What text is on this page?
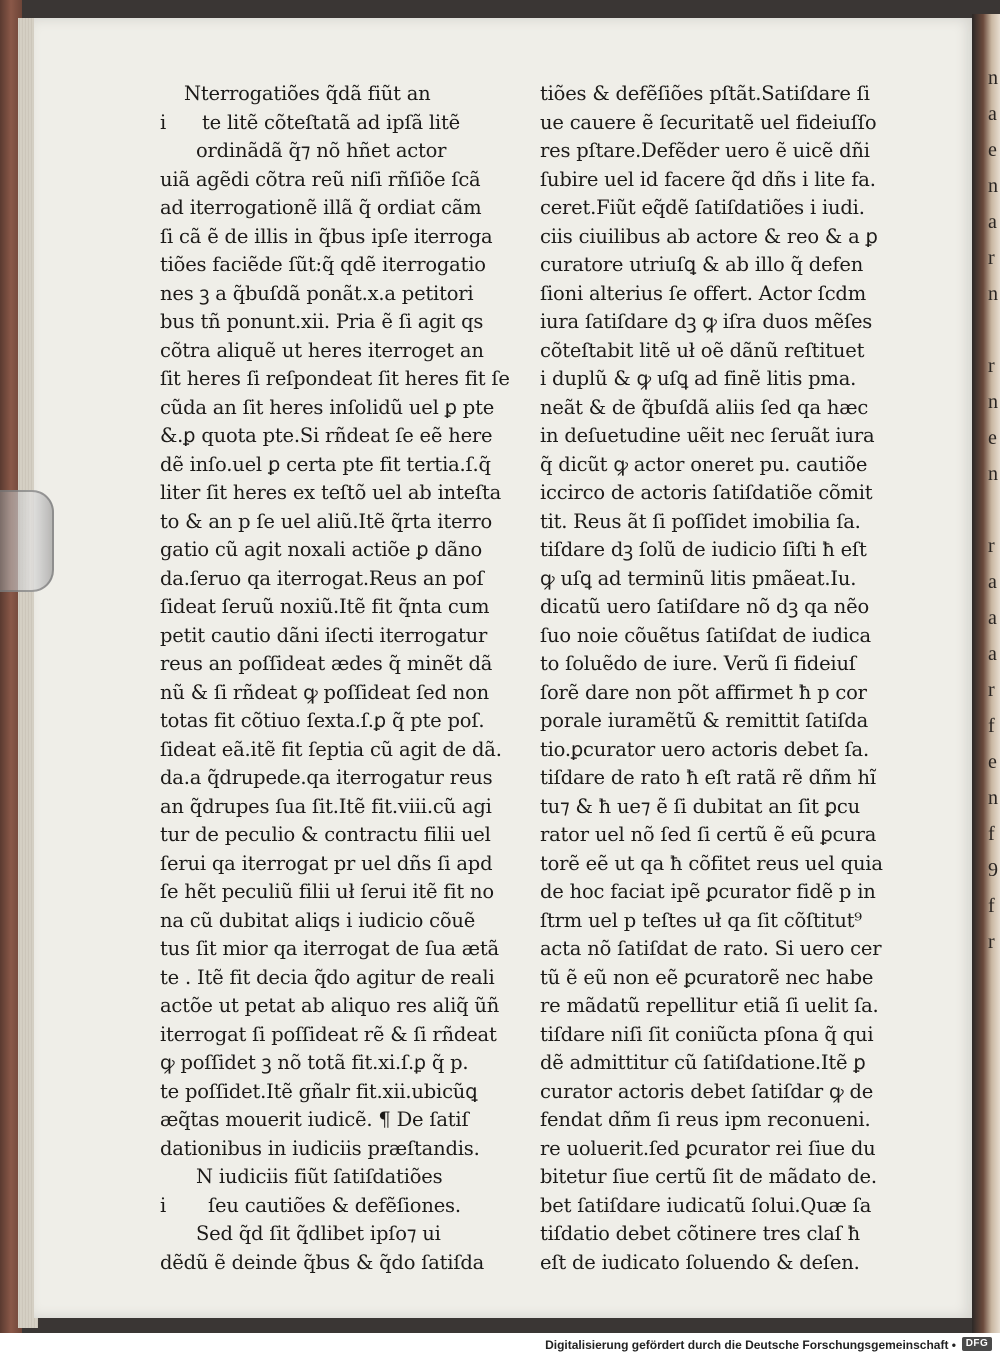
Nterrogatiões q̃dã fiũt an
i      te litẽ cõteſtatã ad ipſã litẽ
ordinãdã q̃⁊ nõ hñet actor
uiã agẽdi cõtra reũ niſi rñſiõe ſcã
ad iterrogationẽ illã q̃ ordiat cãm
ſi cã ẽ de illis in q̃bus ipſe iterroga
tiões faciẽde ſũt:q̃ qdẽ iterrogatio
nes ꝫ a q̃buſdã ponãt.x.a petitori
bus tñ ponunt.xii. Pria ẽ ſi agit qs
cõtra aliquẽ ut heres iterroget an
ſit heres ſi reſpondeat ſit heres fit ſe
cũda an ſit heres inſolidũ uel ꝑ pte
&.ꝑ quota pte.Si rñdeat ſe eẽ here
dẽ inſo.uel ꝑ certa pte fit tertia.ſ.q̃
liter ſit heres ex teſtõ uel ab inteſta
to & an p ſe uel aliũ.Itẽ q̃rta iterro
gatio cũ agit noxali actiõe ꝑ dãno
da.ſeruo qa iterrogat.Reus an poſ
ſideat ſeruũ noxiũ.Itẽ fit q̃nta cum
petit cautio dãni iſecti iterrogatur
reus an poſſideat ædes q̃ minẽt dã
nũ & ſi rñdeat ꝙ poſſideat ſed non
totas fit cõtiuo ſexta.ſ.ꝑ q̃ pte poſ.
ſideat eã.itẽ fit ſeptia cũ agit de dã.
da.a q̃drupede.qa iterrogatur reus
an q̃drupes ſua ſit.Itẽ fit.viii.cũ agi
tur de peculio & contractu filii uel
ſerui qa iterrogat pr uel dñs ſi apd
ſe hẽt peculiũ filii uł ſerui itẽ fit no
na cũ dubitat aliqs i iudicio cõuẽ
tus ſit mior qa iterrogat de ſua ætã
te . Itẽ fit decia q̃do agitur de reali
actõe ut petat ab aliquo res aliq̃ ũñ
iterrogat ſi poſſideat rẽ & ſi rñdeat
ꝙ poſſidet ꝫ nõ totã fit.xi.ſ.ꝑ q̃ p.
te poſſidet.Itẽ gñalr fit.xii.ubicũꝗ
æq̃tas mouerit iudicẽ. ¶ De ſatiſ
dationibus in iudiciis præſtandis.
N iudiciis fiũt ſatiſdatiões
i       ſeu cautiões & defẽſiones.
Sed q̃d ſit q̃dlibet ipſo⁊ ui
dẽdũ ẽ deinde q̃bus & q̃do ſatiſda
tiões & defẽſiões pſtãt.Satiſdare ſi
ue cauere ẽ ſecuritatẽ uel fideiuſſo
res pſtare.Defẽder uero ẽ uicẽ dñi
ſubire uel id facere q̃d dñs i lite fa.
ceret.Fiũt eq̃dẽ ſatiſdatiões i iudi.
ciis ciuilibus ab actore & reo & a ꝑ
curatore utriuſꝗ & ab illo q̃ defen
ſioni alterius ſe offert. Actor ſcdm
iura ſatiſdare dꝫ ꝙ iſra duos mẽſes
cõteſtabit litẽ uł oẽ dãnũ reſtituet
i duplũ & ꝙ uſꝗ ad finẽ litis pma.
neãt & de q̃buſdã aliis ſed qa hæc
in deſuetudine uẽit nec ſeruãt iura
q̃ dicũt ꝙ actor oneret pu. cautiõe
iccirco de actoris ſatiſdatiõe cõmit
tit. Reus ãt ſi poſſidet imobilia ſa.
tiſdare dꝫ ſolũ de iudicio ſiſti ħ eſt
ꝙ uſꝗ ad terminũ litis pmãeat.Iu.
dicatũ uero ſatiſdare nõ dꝫ qa nẽo
ſuo noie cõuẽtus ſatiſdat de iudica
to ſoluẽdo de iure. Verũ ſi fideiuſ
ſorẽ dare non põt affirmet ħ p cor
porale iuramẽtũ & remittit ſatiſda
tio.ꝑcurator uero actoris debet ſa.
tiſdare de rato ħ eſt ratã rẽ dñm hĩ
tu⁊ & ħ ue⁊ ẽ ſi dubitat an ſit ꝑcu
rator uel nõ ſed ſi certũ ẽ eũ ꝑcura
torẽ eẽ ut qa ħ cõfitet reus uel quia
de hoc faciat ipẽ ꝑcurator fidẽ p in
ſtrm uel p teſtes uł qa ſit cõſtitut⁹
acta nõ ſatiſdat de rato. Si uero cer
tũ ẽ eũ non eẽ ꝑcuratorẽ nec habe
re mãdatũ repellitur etiã ſi uelit ſa.
tiſdare niſi ſit coniũcta pſona q̃ qui
dẽ admittitur cũ ſatiſdatione.Itẽ ꝑ
curator actoris debet ſatiſdar ꝙ de
fendat dñm ſi reus ipm reconueni.
re uoluerit.ſed ꝑcurator rei ſiue du
bitetur ſiue certũ ſit de mãdato de.
bet ſatiſdare iudicatũ ſolui.Quæ ſa
tiſdatio debet cõtinere tres claſ ħ
eſt de iudicato ſoluendo & deſen.
n
a
e
n
a
r
n

r
n
e
n

r
a
a
a
r
f
e
n
f
9
f
r
Digitalisierung gefördert durch die Deutsche Forschungsgemeinschaft • DFG
